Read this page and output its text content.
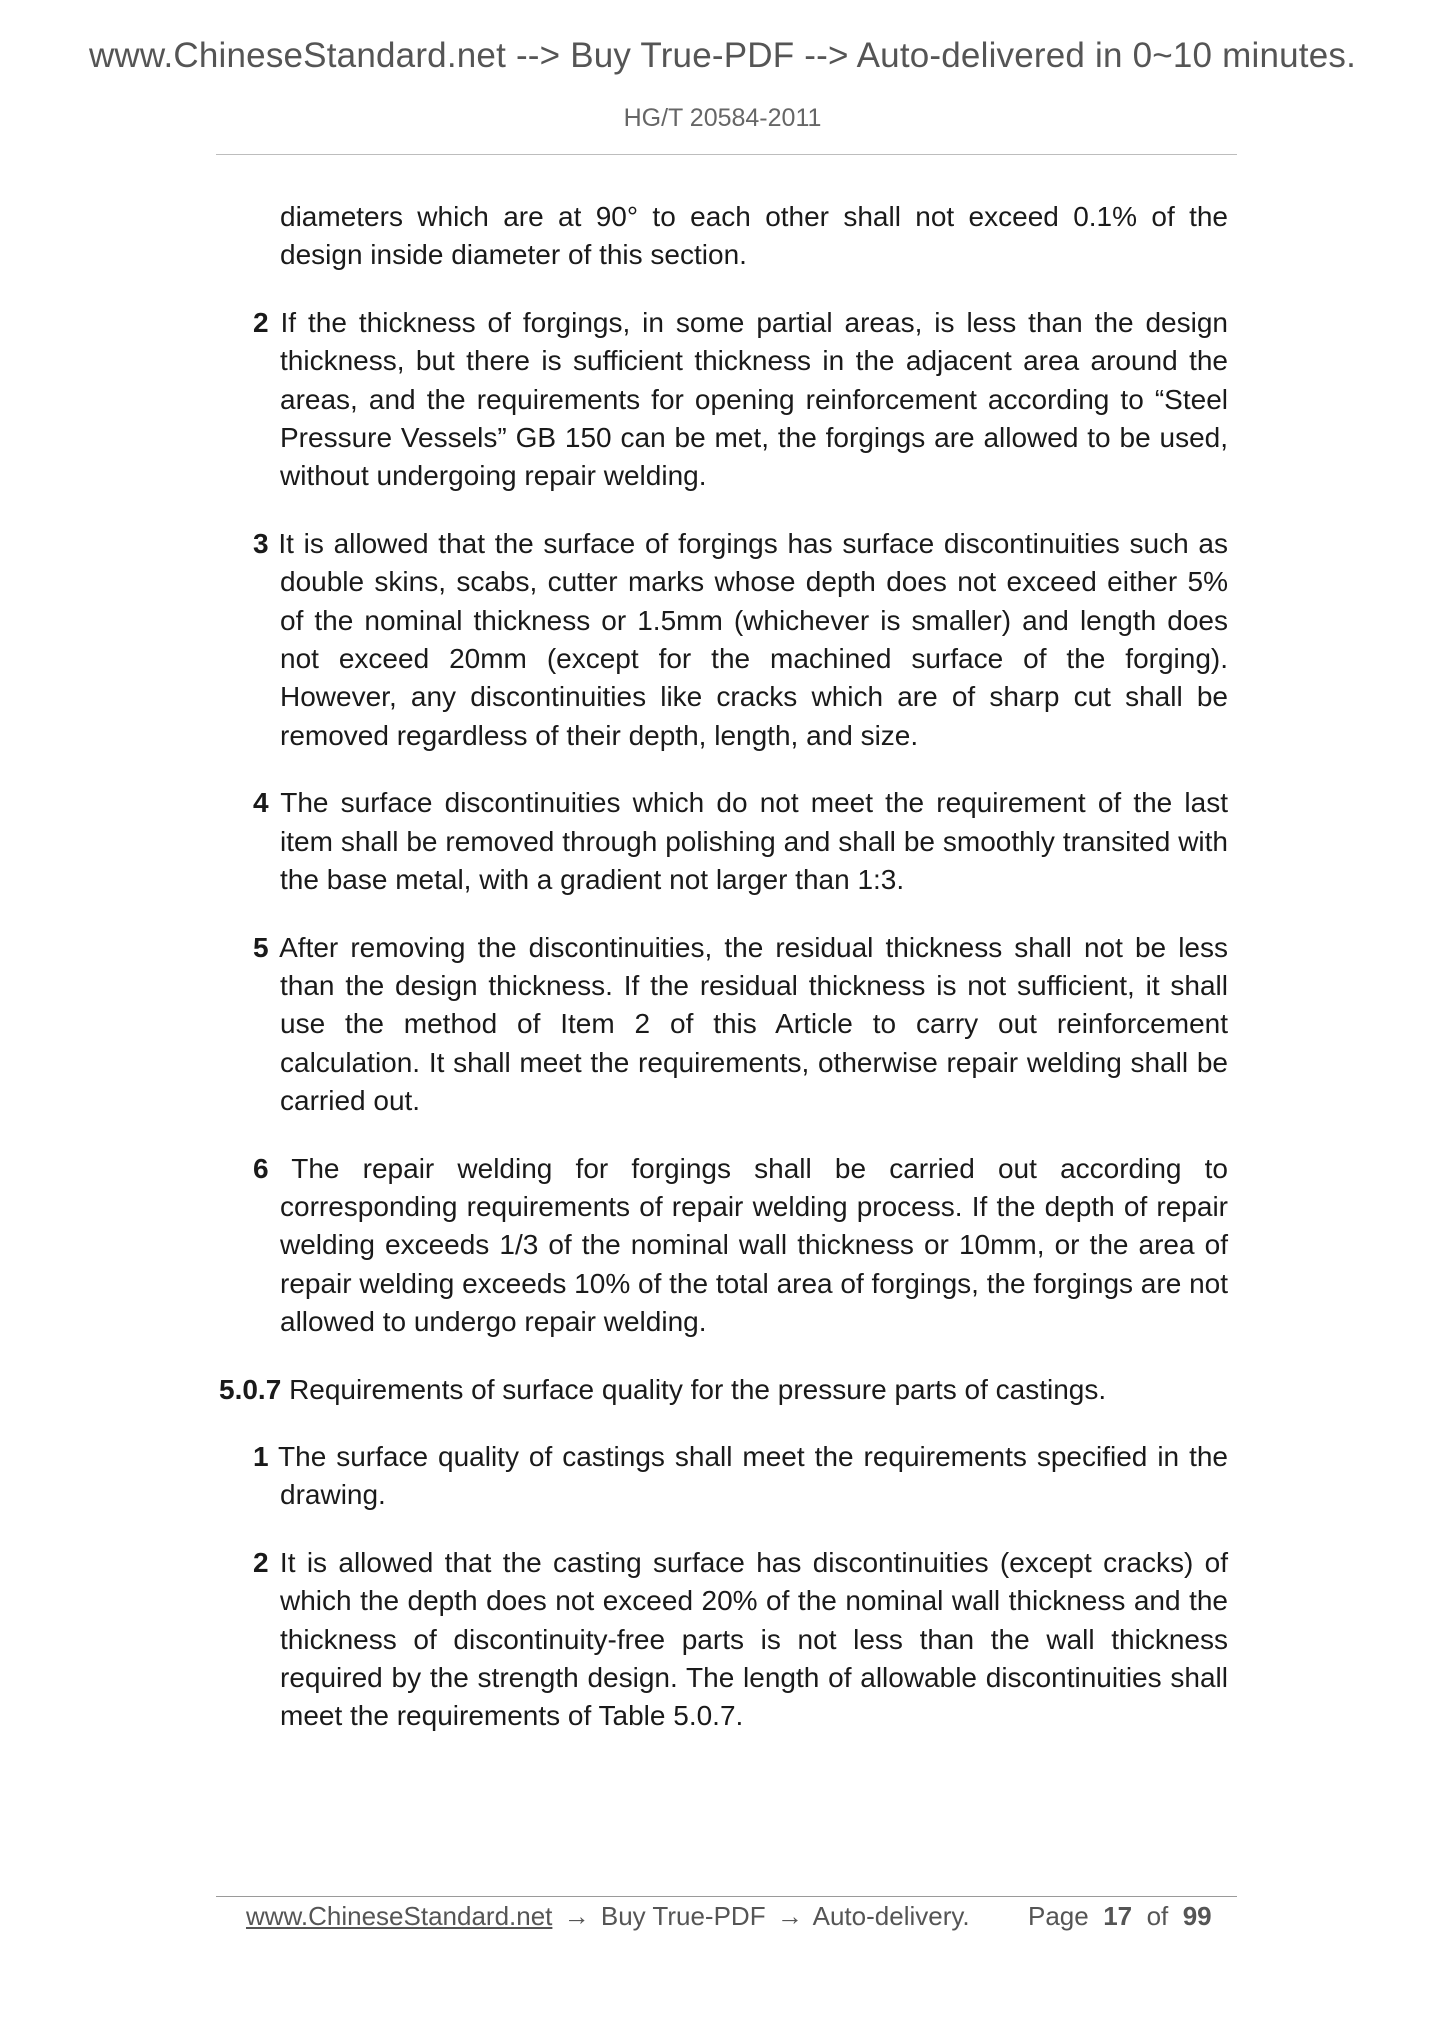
www.ChineseStandard.net --> Buy True-PDF --> Auto-delivered in 0~10 minutes.
HG/T 20584-2011
diameters which are at 90° to each other shall not exceed 0.1% of the design inside diameter of this section.
2 If the thickness of forgings, in some partial areas, is less than the design thickness, but there is sufficient thickness in the adjacent area around the areas, and the requirements for opening reinforcement according to “Steel Pressure Vessels” GB 150 can be met, the forgings are allowed to be used, without undergoing repair welding.
3 It is allowed that the surface of forgings has surface discontinuities such as double skins, scabs, cutter marks whose depth does not exceed either 5% of the nominal thickness or 1.5mm (whichever is smaller) and length does not exceed 20mm (except for the machined surface of the forging). However, any discontinuities like cracks which are of sharp cut shall be removed regardless of their depth, length, and size.
4 The surface discontinuities which do not meet the requirement of the last item shall be removed through polishing and shall be smoothly transited with the base metal, with a gradient not larger than 1:3.
5 After removing the discontinuities, the residual thickness shall not be less than the design thickness. If the residual thickness is not sufficient, it shall use the method of Item 2 of this Article to carry out reinforcement calculation. It shall meet the requirements, otherwise repair welding shall be carried out.
6 The repair welding for forgings shall be carried out according to corresponding requirements of repair welding process. If the depth of repair welding exceeds 1/3 of the nominal wall thickness or 10mm, or the area of repair welding exceeds 10% of the total area of forgings, the forgings are not allowed to undergo repair welding.
5.0.7 Requirements of surface quality for the pressure parts of castings.
1 The surface quality of castings shall meet the requirements specified in the drawing.
2 It is allowed that the casting surface has discontinuities (except cracks) of which the depth does not exceed 20% of the nominal wall thickness and the thickness of discontinuity-free parts is not less than the wall thickness required by the strength design. The length of allowable discontinuities shall meet the requirements of Table 5.0.7.
www.ChineseStandard.net → Buy True-PDF → Auto-delivery. Page 17 of 99
